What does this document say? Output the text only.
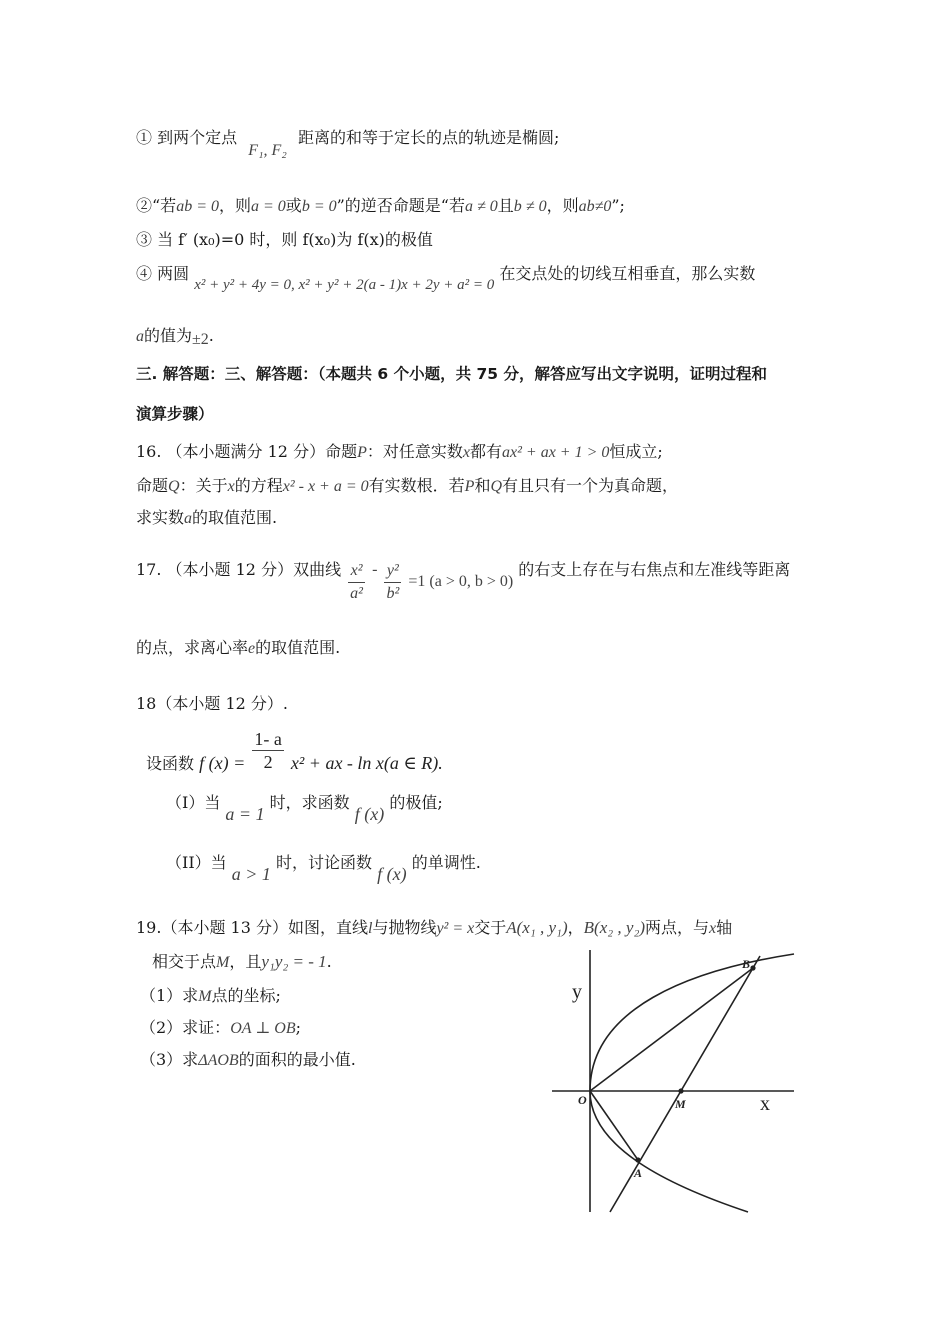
① 到两个定点 F₁, F₂ 距离的和等于定长的点的轨迹是椭圆;
②“若ab = 0，则a = 0或b = 0”的逆否命题是“若a ≠ 0且b ≠ 0，则ab≠0”;
③ 当 f′ (x₀)=0 时，则 f(x₀)为 f(x)的极值
④ 两圆 x² + y² + 4y = 0, x² + y² + 2(a - 1)x + 2y + a² = 0 在交点处的切线互相垂直，那么实数
a的值为±2.
三. 解答题：三、解答题：（本题共 6 个小题，共 75 分，解答应写出文字说明，证明过程和
演算步骤）
16. （本小题满分 12 分）命题P：对任意实数x都有ax² + ax + 1 > 0恒成立;
命题Q：关于x的方程x² - x + a = 0有实数根．若P和Q有且只有一个为真命题，
求实数a的取值范围.
17. （本小题 12 分）双曲线 $\frac{\text{x²}}{\text{a²}} - \frac{\text{y²}}{\text{b²}} =1$ (a > 0, b > 0) 的右支上存在与右焦点和左准线等距离
的点，求离心率e的取值范围.
18（本小题 12 分）.
设函数 f $(x) = \frac{1- a}{2} x^2$ + ax - ln x(a ∈ R).
（I）当 a = 1 时，求函数 f (x) 的极值;
（II）当 a > 1 时，讨论函数 f (x) 的单调性.
19.（本小题 13 分）如图，直线l与抛物线y² = x交于A(x₁ , y₁)，B(x₂ , y₂)两点，与x轴
相交于点M，且y₁y₂ = - 1.
（1）求M点的坐标;
（2）求证：OA ⊥ OB;
（3）求ΔAOB的面积的最小值.
y
x
O	M
A
B
